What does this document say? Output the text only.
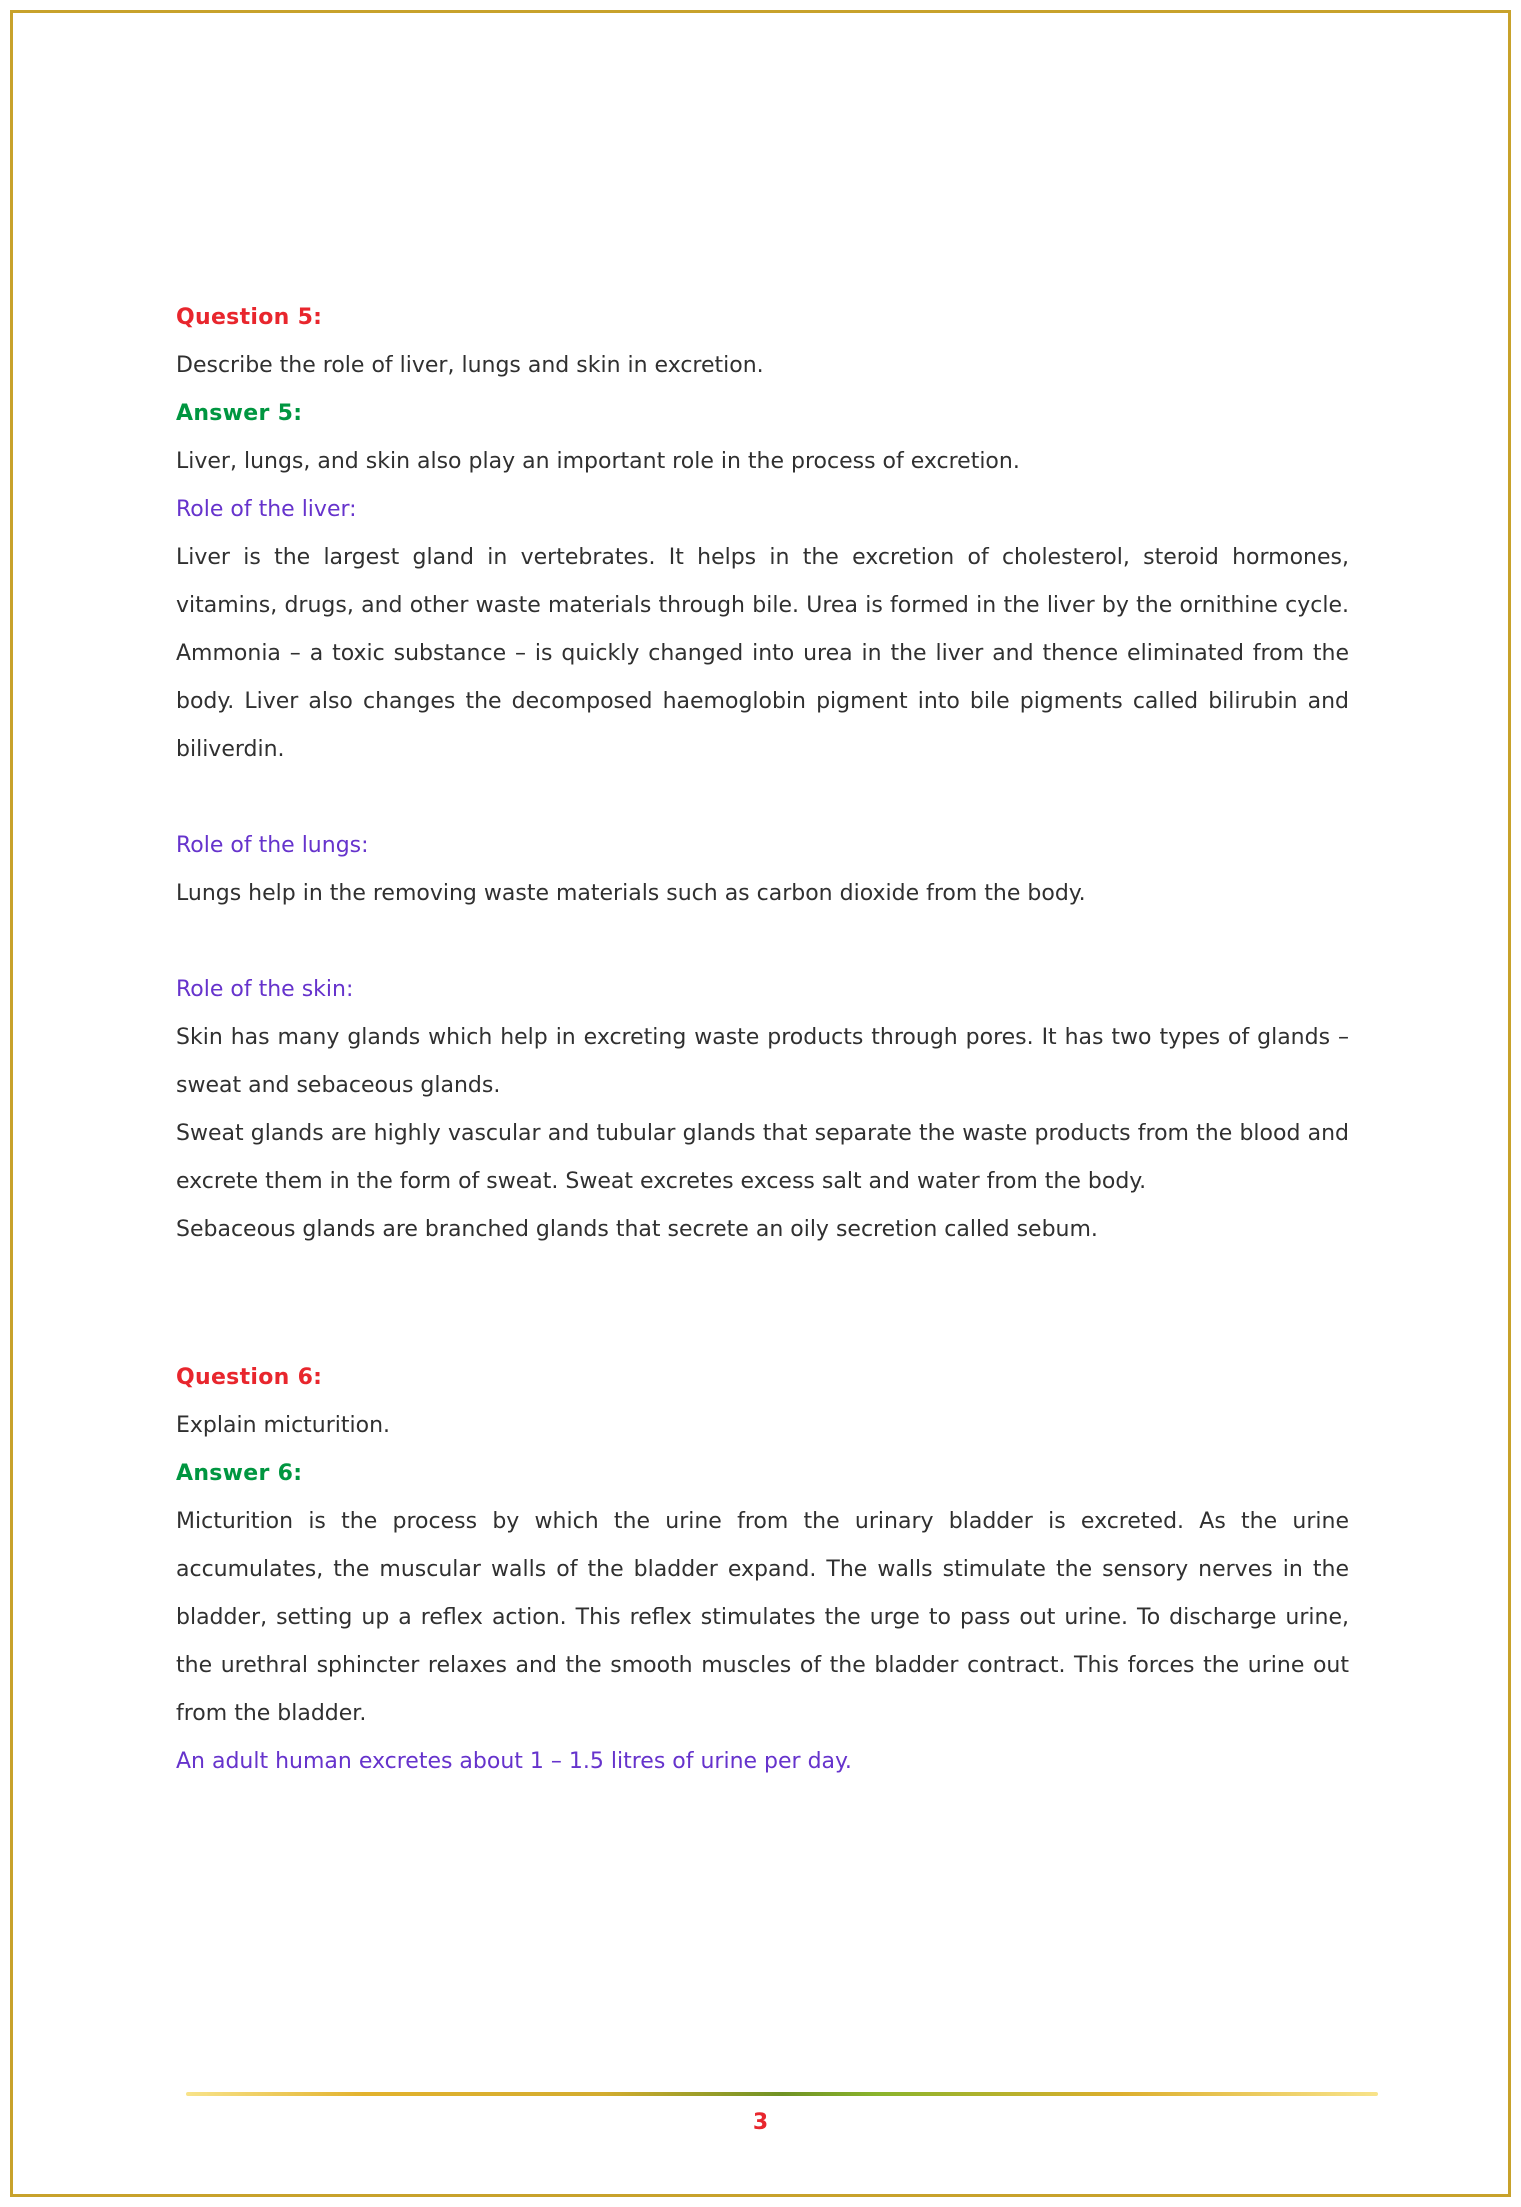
Question 5:

Describe the role of liver, lungs and skin in excretion.

Answer 5:

Liver, lungs, and skin also play an important role in the process of excretion.

Role of the liver:

Liver is the largest gland in vertebrates. It helps in the excretion of cholesterol, steroid hormones, vitamins, drugs, and other waste materials through bile. Urea is formed in the liver by the ornithine cycle. Ammonia – a toxic substance – is quickly changed into urea in the liver and thence eliminated from the body. Liver also changes the decomposed haemoglobin pigment into bile pigments called bilirubin and biliverdin.

Role of the lungs:

Lungs help in the removing waste materials such as carbon dioxide from the body.

Role of the skin:

Skin has many glands which help in excreting waste products through pores. It has two types of glands – sweat and sebaceous glands.

Sweat glands are highly vascular and tubular glands that separate the waste products from the blood and excrete them in the form of sweat. Sweat excretes excess salt and water from the body.

Sebaceous glands are branched glands that secrete an oily secretion called sebum.

Question 6:

Explain micturition.

Answer 6:

Micturition is the process by which the urine from the urinary bladder is excreted. As the urine accumulates, the muscular walls of the bladder expand. The walls stimulate the sensory nerves in the bladder, setting up a reflex action. This reflex stimulates the urge to pass out urine. To discharge urine, the urethral sphincter relaxes and the smooth muscles of the bladder contract. This forces the urine out from the bladder.

An adult human excretes about 1 – 1.5 litres of urine per day.

3
